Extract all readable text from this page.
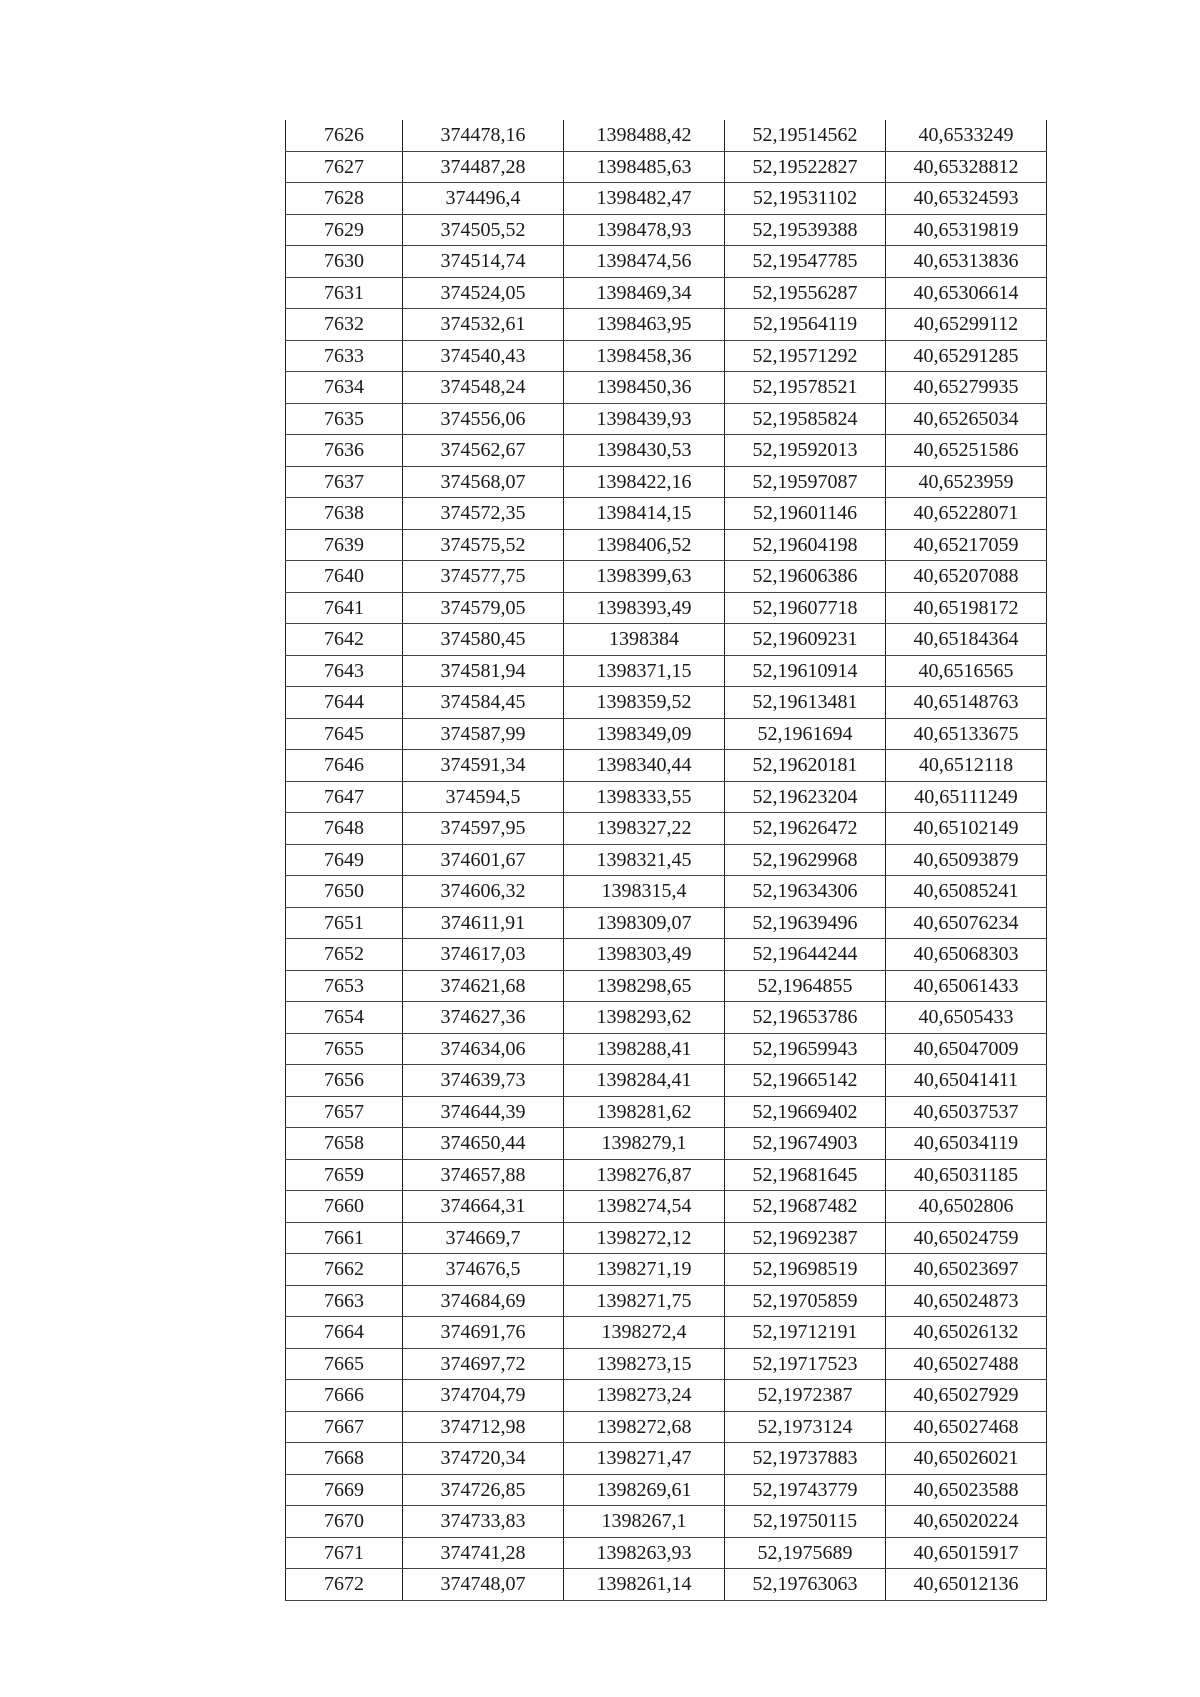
7626	374478,16	1398488,42	52,19514562	40,6533249
7627	374487,28	1398485,63	52,19522827	40,65328812
7628	374496,4	1398482,47	52,19531102	40,65324593
7629	374505,52	1398478,93	52,19539388	40,65319819
7630	374514,74	1398474,56	52,19547785	40,65313836
7631	374524,05	1398469,34	52,19556287	40,65306614
7632	374532,61	1398463,95	52,19564119	40,65299112
7633	374540,43	1398458,36	52,19571292	40,65291285
7634	374548,24	1398450,36	52,19578521	40,65279935
7635	374556,06	1398439,93	52,19585824	40,65265034
7636	374562,67	1398430,53	52,19592013	40,65251586
7637	374568,07	1398422,16	52,19597087	40,6523959
7638	374572,35	1398414,15	52,19601146	40,65228071
7639	374575,52	1398406,52	52,19604198	40,65217059
7640	374577,75	1398399,63	52,19606386	40,65207088
7641	374579,05	1398393,49	52,19607718	40,65198172
7642	374580,45	1398384	52,19609231	40,65184364
7643	374581,94	1398371,15	52,19610914	40,6516565
7644	374584,45	1398359,52	52,19613481	40,65148763
7645	374587,99	1398349,09	52,1961694	40,65133675
7646	374591,34	1398340,44	52,19620181	40,6512118
7647	374594,5	1398333,55	52,19623204	40,65111249
7648	374597,95	1398327,22	52,19626472	40,65102149
7649	374601,67	1398321,45	52,19629968	40,65093879
7650	374606,32	1398315,4	52,19634306	40,65085241
7651	374611,91	1398309,07	52,19639496	40,65076234
7652	374617,03	1398303,49	52,19644244	40,65068303
7653	374621,68	1398298,65	52,1964855	40,65061433
7654	374627,36	1398293,62	52,19653786	40,6505433
7655	374634,06	1398288,41	52,19659943	40,65047009
7656	374639,73	1398284,41	52,19665142	40,65041411
7657	374644,39	1398281,62	52,19669402	40,65037537
7658	374650,44	1398279,1	52,19674903	40,65034119
7659	374657,88	1398276,87	52,19681645	40,65031185
7660	374664,31	1398274,54	52,19687482	40,6502806
7661	374669,7	1398272,12	52,19692387	40,65024759
7662	374676,5	1398271,19	52,19698519	40,65023697
7663	374684,69	1398271,75	52,19705859	40,65024873
7664	374691,76	1398272,4	52,19712191	40,65026132
7665	374697,72	1398273,15	52,19717523	40,65027488
7666	374704,79	1398273,24	52,1972387	40,65027929
7667	374712,98	1398272,68	52,1973124	40,65027468
7668	374720,34	1398271,47	52,19737883	40,65026021
7669	374726,85	1398269,61	52,19743779	40,65023588
7670	374733,83	1398267,1	52,19750115	40,65020224
7671	374741,28	1398263,93	52,1975689	40,65015917
7672	374748,07	1398261,14	52,19763063	40,65012136
